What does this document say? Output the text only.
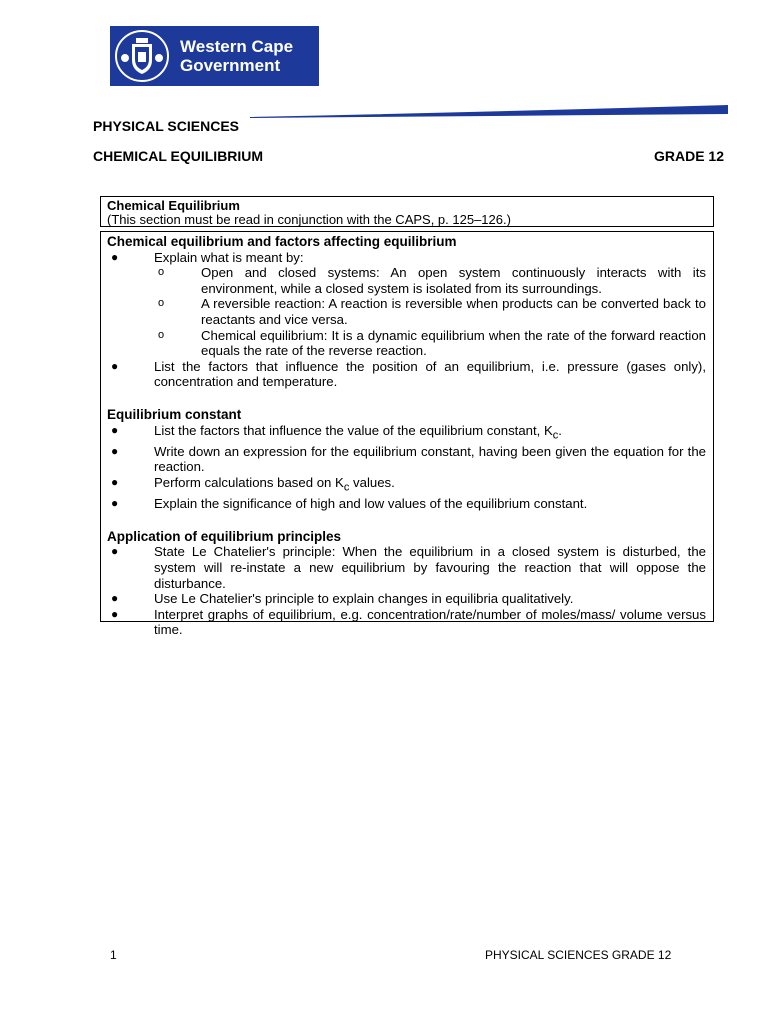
Western Cape
Government
PHYSICAL SCIENCES
CHEMICAL EQUILIBRIUM	GRADE 12
Chemical Equilibrium
(This section must be read in conjunction with the CAPS, p. 125–126.)
Chemical equilibrium and factors affecting equilibrium
●	Explain what is meant by:
o	Open and closed systems: An open system continuously interacts with its environment, while a closed system is isolated from its surroundings.
o	A reversible reaction: A reaction is reversible when products can be converted back to reactants and vice versa.
o	Chemical equilibrium: It is a dynamic equilibrium when the rate of the forward reaction equals the rate of the reverse reaction.
●	List the factors that influence the position of an equilibrium, i.e. pressure (gases only), concentration and temperature.
Equilibrium constant
●	List the factors that influence the value of the equilibrium constant, $K_c$.
●	Write down an expression for the equilibrium constant, having been given the equation for the reaction.
●	Perform calculations based on $K_c$ values.
●	Explain the significance of high and low values of the equilibrium constant.
Application of equilibrium principles
●	State Le Chatelier's principle: When the equilibrium in a closed system is disturbed, the system will re-instate a new equilibrium by favouring the reaction that will oppose the disturbance.
●	Use Le Chatelier's principle to explain changes in equilibria qualitatively.
●	Interpret graphs of equilibrium, e.g. concentration/rate/number of moles/mass/ volume versus time.
1	PHYSICAL SCIENCES GRADE 12
